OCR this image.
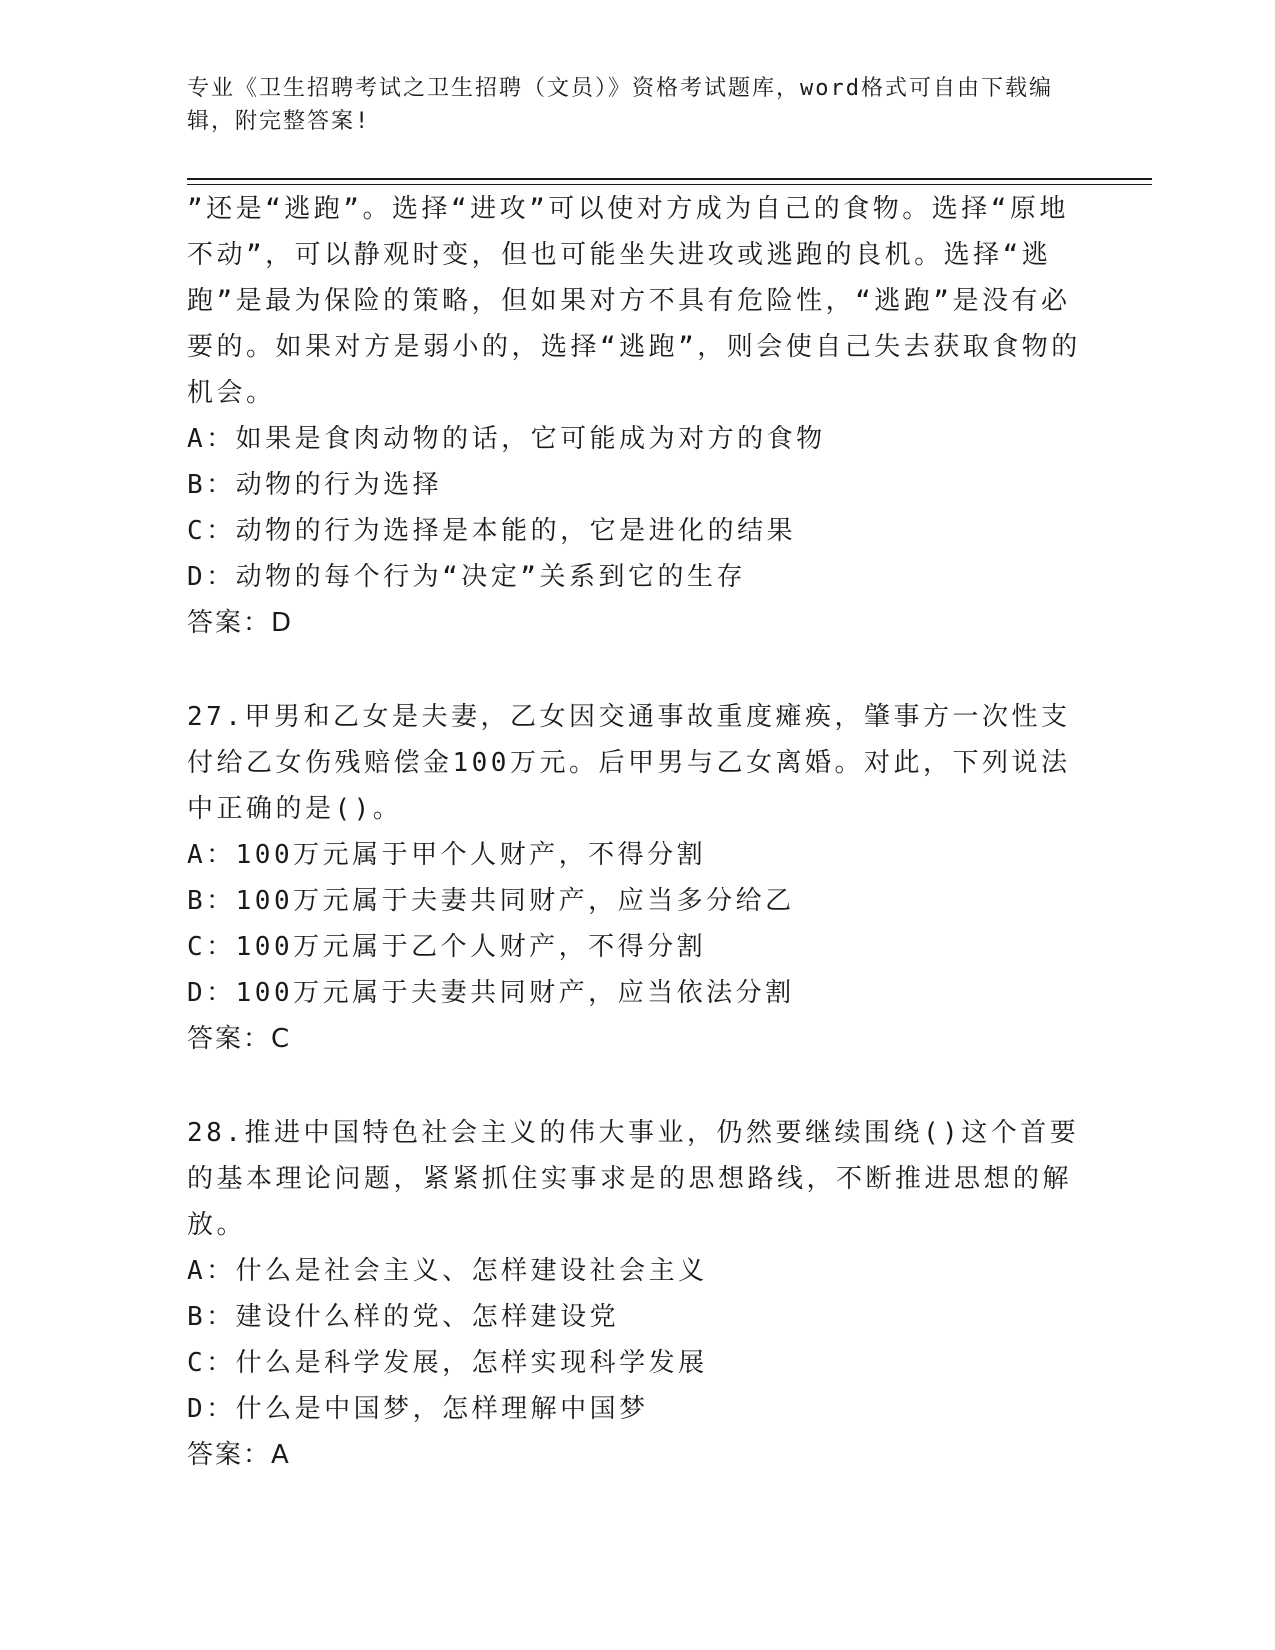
专业《卫生招聘考试之卫生招聘（文员）》资格考试题库，word格式可自由下载编辑，附完整答案!
”还是“逃跑”。选择“进攻”可以使对方成为自己的食物。选择“原地不动”，可以静观时变，但也可能坐失进攻或逃跑的良机。选择“逃跑”是最为保险的策略，但如果对方不具有危险性，“逃跑”是没有必要的。如果对方是弱小的，选择“逃跑”，则会使自己失去获取食物的机会。
A：如果是食肉动物的话，它可能成为对方的食物
B：动物的行为选择
C：动物的行为选择是本能的，它是进化的结果
D：动物的每个行为“决定”关系到它的生存
答案：D
27.甲男和乙女是夫妻，乙女因交通事故重度瘫痪，肇事方一次性支付给乙女伤残赔偿金100万元。后甲男与乙女离婚。对此，下列说法中正确的是()。
A：100万元属于甲个人财产，不得分割
B：100万元属于夫妻共同财产，应当多分给乙
C：100万元属于乙个人财产，不得分割
D：100万元属于夫妻共同财产，应当依法分割
答案：C
28.推进中国特色社会主义的伟大事业，仍然要继续围绕()这个首要的基本理论问题，紧紧抓住实事求是的思想路线，不断推进思想的解放。
A：什么是社会主义、怎样建设社会主义
B：建设什么样的党、怎样建设党
C：什么是科学发展，怎样实现科学发展
D：什么是中国梦，怎样理解中国梦
答案：A
